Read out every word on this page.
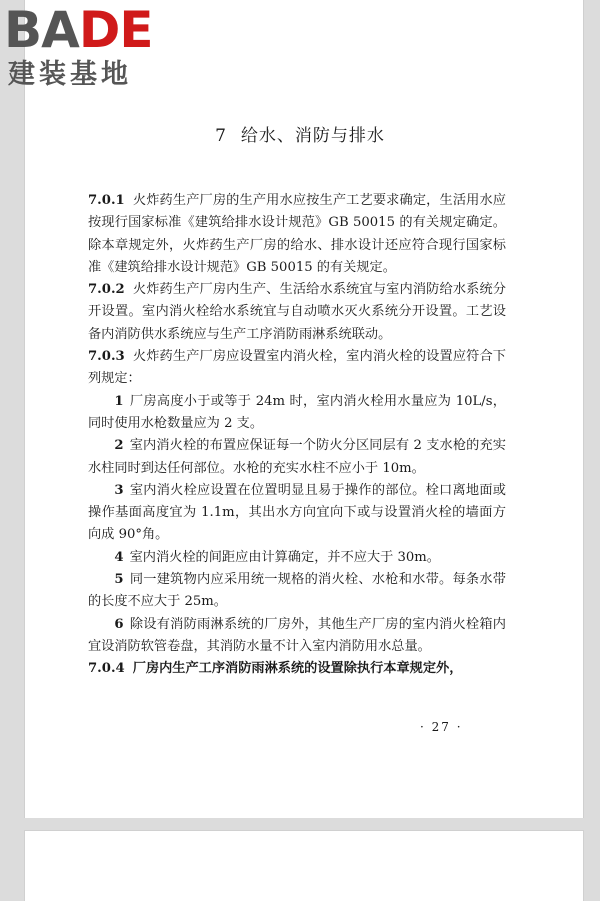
BADE
建装基地
7 给水、消防与排水

7.0.1 火炸药生产厂房的生产用水应按生产工艺要求确定，生活用水应按现行国家标准《建筑给排水设计规范》GB 50015 的有关规定确定。除本章规定外，火炸药生产厂房的给水、排水设计还应符合现行国家标准《建筑给排水设计规范》GB 50015 的有关规定。

7.0.2 火炸药生产厂房内生产、生活给水系统宜与室内消防给水系统分开设置。室内消火栓给水系统宜与自动喷水灭火系统分开设置。工艺设备内消防供水系统应与生产工序消防雨淋系统联动。

7.0.3 火炸药生产厂房应设置室内消火栓，室内消火栓的设置应符合下列规定：

1 厂房高度小于或等于 24m 时，室内消火栓用水量应为 10L/s，同时使用水枪数量应为 2 支。

2 室内消火栓的布置应保证每一个防火分区同层有 2 支水枪的充实水柱同时到达任何部位。水枪的充实水柱不应小于 10m。

3 室内消火栓应设置在位置明显且易于操作的部位。栓口离地面或操作基面高度宜为 1.1m，其出水方向宜向下或与设置消火栓的墙面方向成 90°角。

4 室内消火栓的间距应由计算确定，并不应大于 30m。

5 同一建筑物内应采用统一规格的消火栓、水枪和水带。每条水带的长度不应大于 25m。

6 除设有消防雨淋系统的厂房外，其他生产厂房的室内消火栓箱内宜设消防软管卷盘，其消防水量不计入室内消防用水总量。

7.0.4 厂房内生产工序消防雨淋系统的设置除执行本章规定外，

· 27 ·
